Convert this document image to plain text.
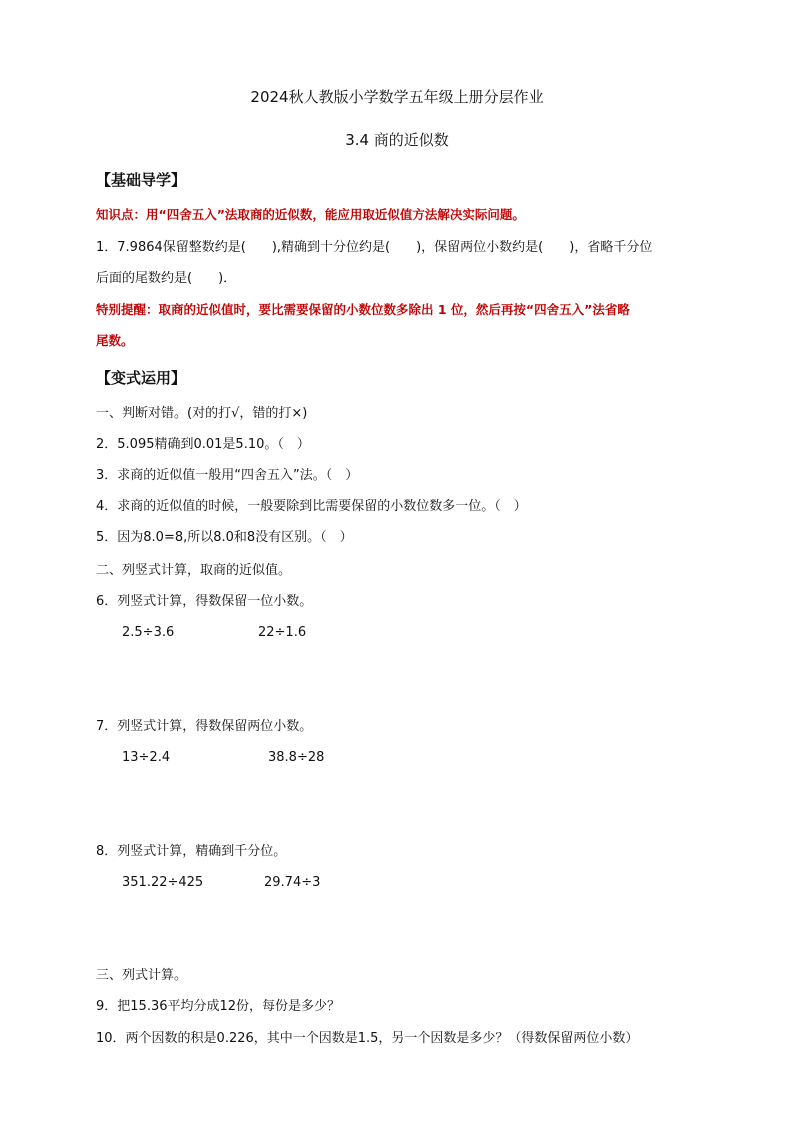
2024秋人教版小学数学五年级上册分层作业
3.4 商的近似数
【基础导学】
知识点：用“四舍五入”法取商的近似数，能应用取近似值方法解决实际问题。
1．7.9864保留整数约是(　　),精确到十分位约是(　　)，保留两位小数约是(　　)，省略千分位
后面的尾数约是(　　)．
特别提醒：取商的近似值时，要比需要保留的小数位数多除出 1 位，然后再按“四舍五入”法省略
尾数。
【变式运用】
一、判断对错。(对的打√，错的打×)
2．5.095精确到0.01是5.10。（　）
3．求商的近似值一般用“四舍五入”法。（　）
4．求商的近似值的时候，一般要除到比需要保留的小数位数多一位。（　）
5．因为8.0=8,所以8.0和8没有区别。（　）
二、列竖式计算，取商的近似值。
6．列竖式计算，得数保留一位小数。
2.5÷3.6	22÷1.6
7．列竖式计算，得数保留两位小数。
13÷2.4	38.8÷28
8．列竖式计算，精确到千分位。
351.22÷425	29.74÷3
三、列式计算。
9．把15.36平均分成12份，每份是多少？
10．两个因数的积是0.226，其中一个因数是1.5，另一个因数是多少？（得数保留两位小数）
